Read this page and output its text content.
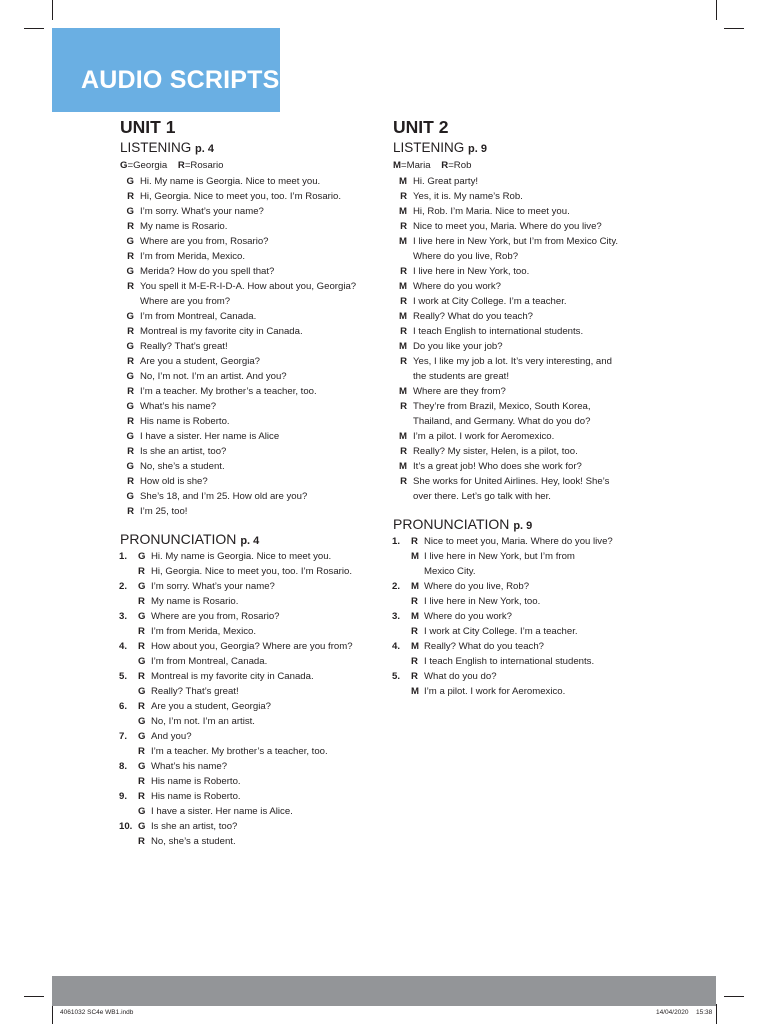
AUDIO SCRIPTS
UNIT 1
LISTENING p. 4
G=Georgia R=Rosario
G Hi. My name is Georgia. Nice to meet you.
R Hi, Georgia. Nice to meet you, too. I’m Rosario.
G I’m sorry. What’s your name?
R My name is Rosario.
G Where are you from, Rosario?
R I’m from Merida, Mexico.
G Merida? How do you spell that?
R You spell it M-E-R-I-D-A. How about you, Georgia?
Where are you from?
G I’m from Montreal, Canada.
R Montreal is my favorite city in Canada.
G Really? That’s great!
R Are you a student, Georgia?
G No, I’m not. I’m an artist. And you?
R I’m a teacher. My brother’s a teacher, too.
G What’s his name?
R His name is Roberto.
G I have a sister. Her name is Alice
R Is she an artist, too?
G No, she’s a student.
R How old is she?
G She’s 18, and I’m 25. How old are you?
R I’m 25, too!
PRONUNCIATION p. 4
1.	G Hi. My name is Georgia. Nice to meet you.
R Hi, Georgia. Nice to meet you, too. I’m Rosario.
2.	G I’m sorry. What’s your name?
R My name is Rosario.
3.	G Where are you from, Rosario?
R I’m from Merida, Mexico.
4.	R How about you, Georgia? Where are you from?
G I’m from Montreal, Canada.
5.	R Montreal is my favorite city in Canada.
G Really? That’s great!
6.	R Are you a student, Georgia?
G No, I’m not. I’m an artist.
7.	G And you?
R I’m a teacher. My brother’s a teacher, too.
8.	G What’s his name?
R His name is Roberto.
9.	R His name is Roberto.
G I have a sister. Her name is Alice.
10. G Is she an artist, too?
R No, she’s a student.
UNIT 2
LISTENING p. 9
M=Maria R=Rob
M Hi. Great party!
R Yes, it is. My name’s Rob.
M Hi, Rob. I’m Maria. Nice to meet you.
R Nice to meet you, Maria. Where do you live?
M I live here in New York, but I’m from Mexico City.
Where do you live, Rob?
R I live here in New York, too.
M Where do you work?
R I work at City College. I’m a teacher.
M Really? What do you teach?
R I teach English to international students.
M Do you like your job?
R Yes, I like my job a lot. It’s very interesting, and
the students are great!
M Where are they from?
R They’re from Brazil, Mexico, South Korea,
Thailand, and Germany. What do you do?
M I’m a pilot. I work for Aeromexico.
R Really? My sister, Helen, is a pilot, too.
M It’s a great job! Who does she work for?
R She works for United Airlines. Hey, look! She’s
over there. Let’s go talk with her.
PRONUNCIATION p. 9
1.	R Nice to meet you, Maria. Where do you live?
M I live here in New York, but I’m from
Mexico City.
2.	M Where do you live, Rob?
R I live here in New York, too.
3.	M Where do you work?
R I work at City College. I’m a teacher.
4.	M Really? What do you teach?
R I teach English to international students.
5.	R What do you do?
M I’m a pilot. I work for Aeromexico.
4061032 SC4e WB1.indb	14/04/2020 15:38
